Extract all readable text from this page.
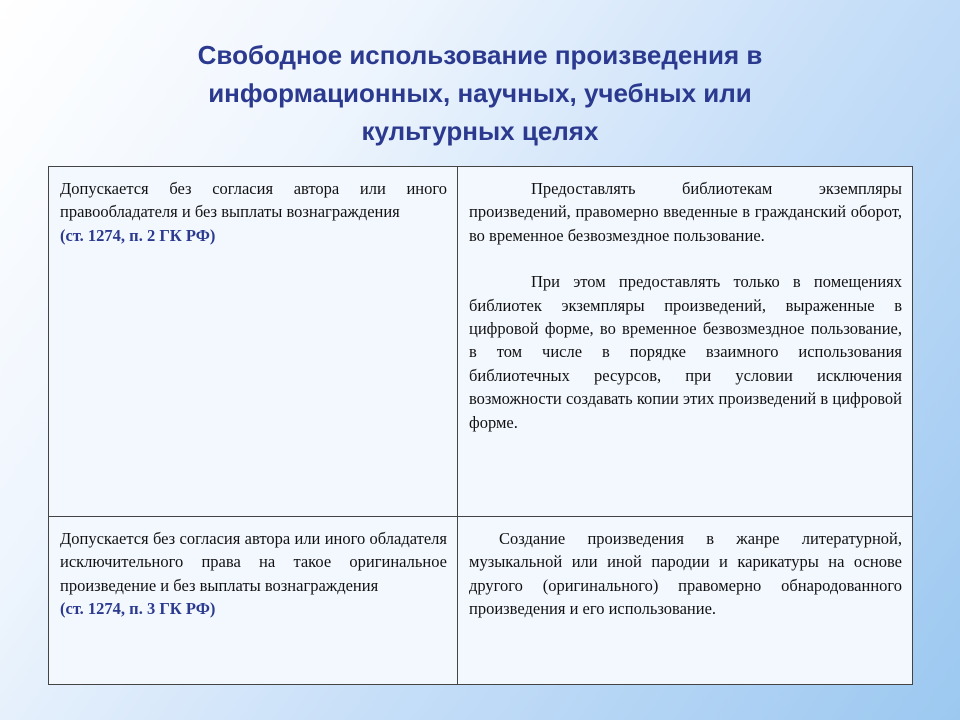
Свободное использование произведения в
информационных, научных, учебных или
культурных целях
Допускается без согласия автора или иного правообладателя и без выплаты вознаграждения
(ст. 1274, п. 2 ГК РФ)	Предоставлять библиотекам экземпляры произведений, правомерно введенные в гражданский оборот, во временное безвозмездное пользование.
При этом предоставлять только в помещениях библиотек экземпляры произведений, выраженные в цифровой форме, во временное безвозмездное пользование, в том числе в порядке взаимного использования библиотечных ресурсов, при условии исключения возможности создавать копии этих произведений в цифровой форме.

Допускается без согласия автора или иного обладателя исключительного права на такое оригинальное произведение и без выплаты вознаграждения
(ст. 1274, п. 3 ГК РФ)	Создание произведения в жанре литературной, музыкальной или иной пародии и карикатуры на основе другого (оригинального) правомерно обнародованного произведения и его использование.
